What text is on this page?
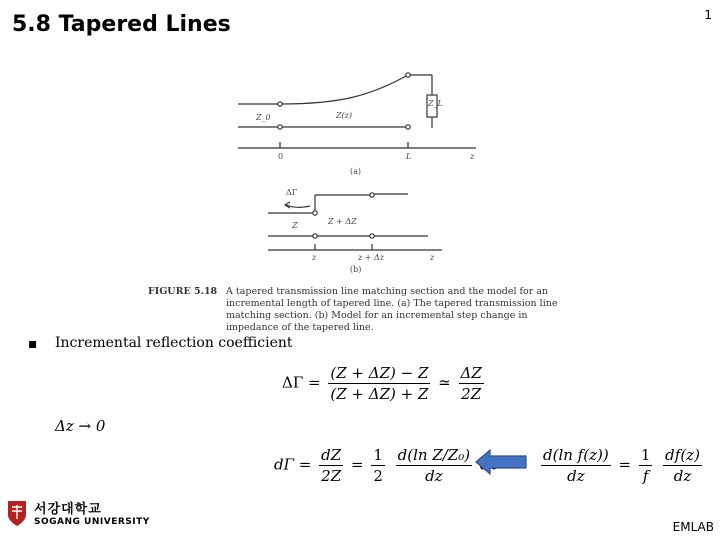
5.8 Tapered Lines	1
Z_L
Z_0	Z(z)
0	L	z
(a)
ΔΓ
Z	Z + ΔZ
z	z + Δz	z
(b)
FIGURE 5.18 A tapered transmission line matching section and the model for an incremental length of tapered line. (a) The tapered transmission line matching section. (b) Model for an incremental step change in impedance of the tapered line.
▪ Incremental reflection coefficient
$\Delta\Gamma = \frac{(Z + \Delta Z) - Z}{(Z + \Delta Z) + Z}$ ≃ $\frac{\Delta Z}{2Z}$
Δz → 0
$d\Gamma = \frac{dZ}{2Z} = \frac{1}{2}$
$\frac{\text{d(ln Z/Z₀)}}{dz}$	$\frac{\text{d(ln f(z))}}{dz} = \frac{1}{f}$
$\frac{df(z)}{dz}$
서강대학교
SOGANG UNIVERSITY	EMLAB
